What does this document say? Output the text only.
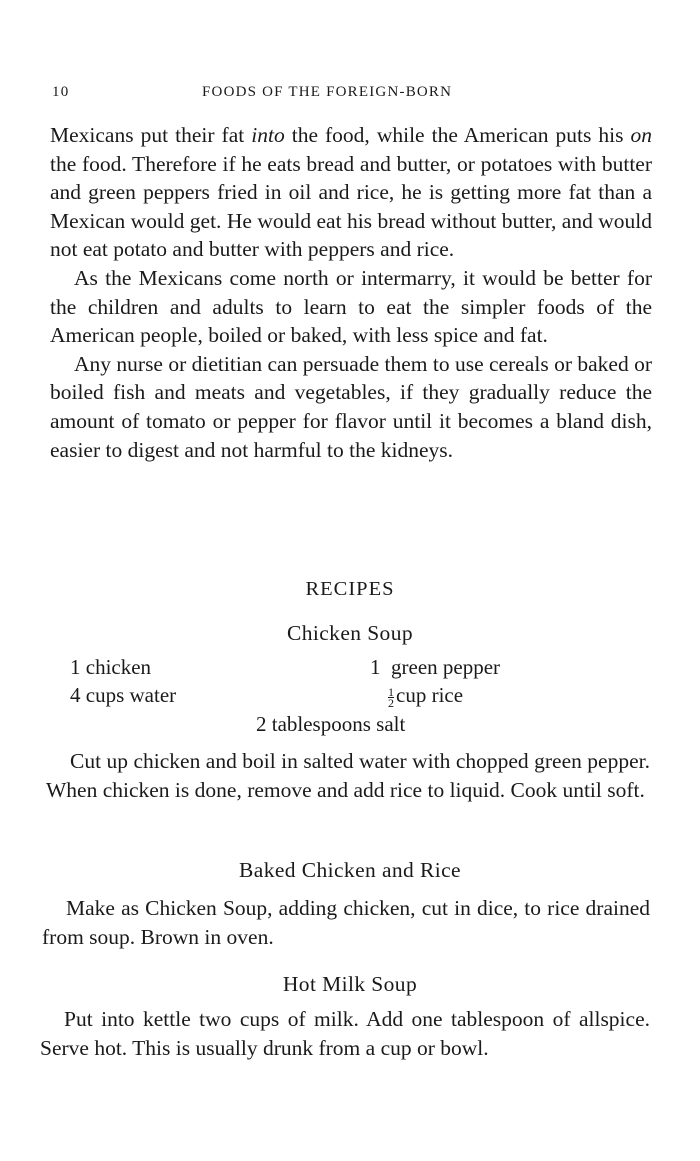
10	FOODS OF THE FOREIGN-BORN

Mexicans put their fat into the food, while the American puts his on the food. Therefore if he eats bread and butter, or potatoes with butter and green peppers fried in oil and rice, he is getting more fat than a Mexican would get. He would eat his bread without butter, and would not eat potato and butter with peppers and rice.

As the Mexicans come north or intermarry, it would be better for the children and adults to learn to eat the simpler foods of the American people, boiled or baked, with less spice and fat.

Any nurse or dietitian can persuade them to use cereals or baked or boiled fish and meats and vegetables, if they gradually reduce the amount of tomato or pepper for flavor until it becomes a bland dish, easier to digest and not harmful to the kidneys.

RECIPES
Chicken Soup
1 chicken
4 cups water
1  green pepper
$\frac{1}{2}$ cup rice
2 tablespoons salt

Cut up chicken and boil in salted water with chopped green pepper. When chicken is done, remove and add rice to liquid. Cook until soft.

Baked Chicken and Rice

Make as Chicken Soup, adding chicken, cut in dice, to rice drained from soup. Brown in oven.

Hot Milk Soup

Put into kettle two cups of milk. Add one tablespoon of allspice. Serve hot. This is usually drunk from a cup or bowl.
